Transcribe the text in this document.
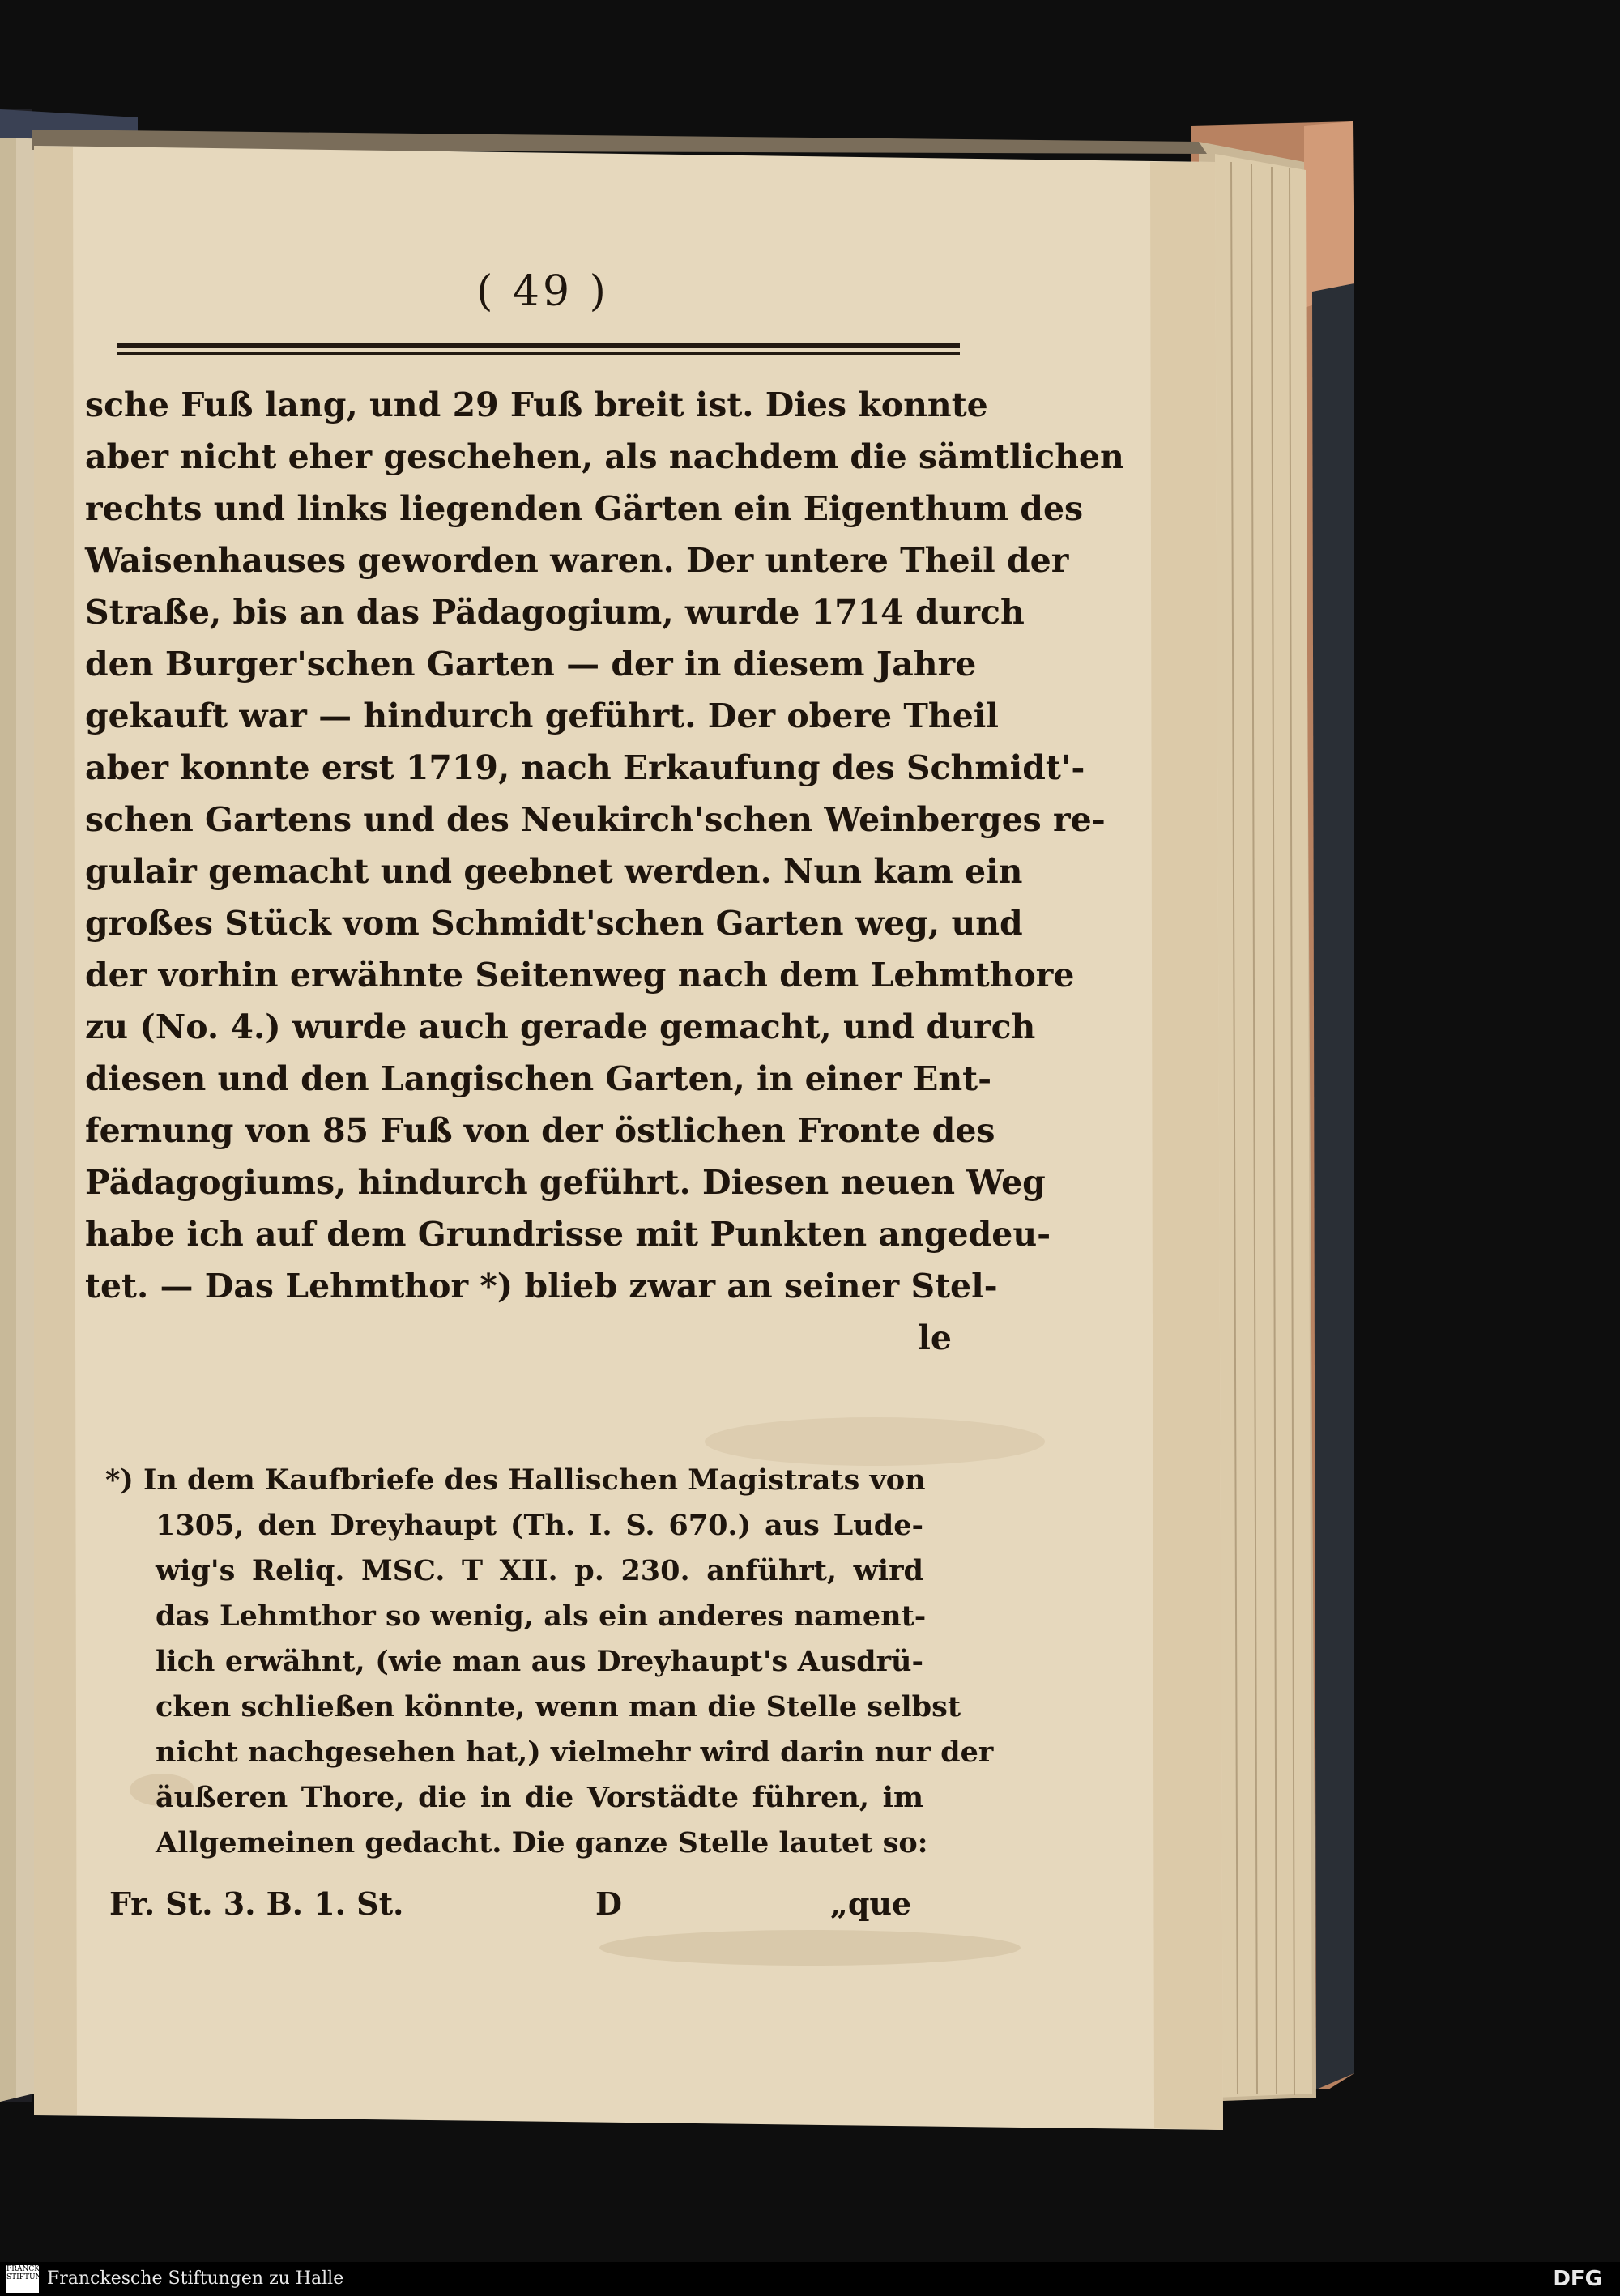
( 49 )
sche Fuß lang, und 29 Fuß breit ist. Dies konnte
aber nicht eher geschehen, als nachdem die sämtlichen
rechts und links liegenden Gärten ein Eigenthum des
Waisenhauses geworden waren. Der untere Theil der
Straße, bis an das Pädagogium, wurde 1714 durch
den Burger'schen Garten — der in diesem Jahre
gekauft war — hindurch geführt. Der obere Theil
aber konnte erst 1719, nach Erkaufung des Schmidt'-
schen Gartens und des Neukirch'schen Weinberges re-
gulair gemacht und geebnet werden. Nun kam ein
großes Stück vom Schmidt'schen Garten weg, und
der vorhin erwähnte Seitenweg nach dem Lehmthore
zu (No. 4.) wurde auch gerade gemacht, und durch
diesen und den Langischen Garten, in einer Ent-
fernung von 85 Fuß von der östlichen Fronte des
Pädagogiums, hindurch geführt. Diesen neuen Weg
habe ich auf dem Grundrisse mit Punkten angedeu-
tet. — Das Lehmthor *) blieb zwar an seiner Stel-
le
*) In dem Kaufbriefe des Hallischen Magistrats von
1305, den Dreyhaupt (Th. I. S. 670.) aus Lude-
wig's Reliq. MSC. T XII. p. 230. anführt, wird
das Lehmthor so wenig, als ein anderes nament-
lich erwähnt, (wie man aus Dreyhaupt's Ausdrü-
cken schließen könnte, wenn man die Stelle selbst
nicht nachgesehen hat,) vielmehr wird darin nur der
äußeren Thore, die in die Vorstädte führen, im
Allgemeinen gedacht. Die ganze Stelle lautet so:
Fr. St. 3. B. 1. St.	D	„que
FRANCKESCHE STIFTUNGEN
Franckesche Stiftungen zu Halle	DFG
